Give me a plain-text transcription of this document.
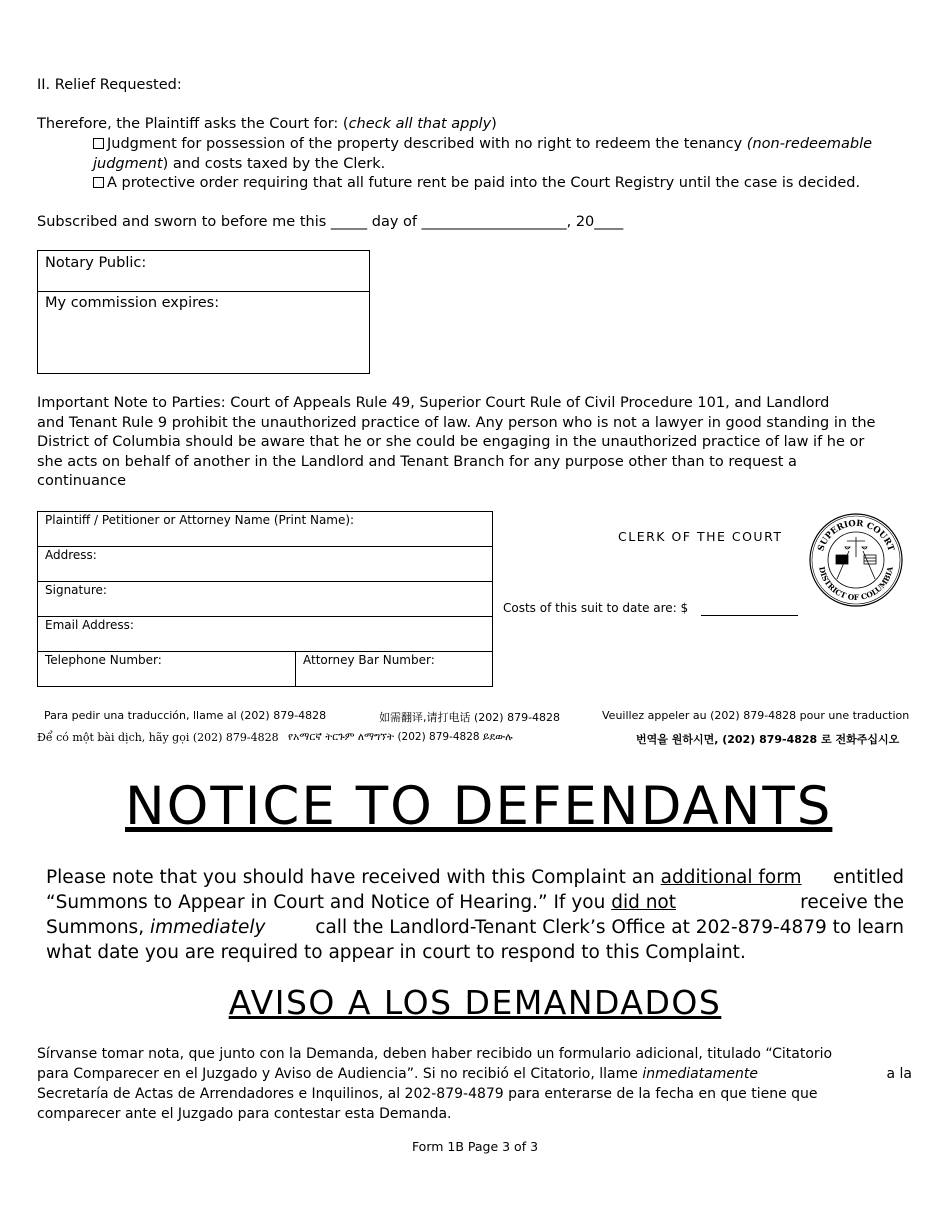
II. Relief Requested:
Therefore, the Plaintiff asks the Court for: (check all that apply)
Judgment for possession of the property described with no right to redeem the tenancy (non-redeemable
judgment) and costs taxed by the Clerk.
A protective order requiring that all future rent be paid into the Court Registry until the case is decided.
Subscribed and sworn to before me this _____ day of ____________________, 20____
Notary Public:
My commission expires:
Important Note to Parties: Court of Appeals Rule 49, Superior Court Rule of Civil Procedure 101, and Landlord
and Tenant Rule 9 prohibit the unauthorized practice of law. Any person who is not a lawyer in good standing in the
District of Columbia should be aware that he or she could be engaging in the unauthorized practice of law if he or
she acts on behalf of another in the Landlord and Tenant Branch for any purpose other than to request a
continuance
Plaintiff / Petitioner or Attorney Name (Print Name):
Address:
Signature:
Email Address:
Telephone Number:	Attorney Bar Number:
CLERK OF THE COURT
Costs of this suit to date are: $
SUPERIOR COURT
DISTRICT OF COLUMBIA
Para pedir una traducción, llame al (202) 879-4828	如需翻译,请打电话 (202) 879-4828	Veuillez appeler au (202) 879-4828 pour une traduction
Để có một bài dịch, hãy gọi (202) 879-4828 የአማርኛ ትርጉም ለማግኘት (202) 879-4828 ይደውሉ	번역을 원하시면, (202) 879-4828 로 전화주십시오
NOTICE TO DEFENDANTS
Please note that you should have received with this Complaint an additional form entitled
“Summons to Appear in Court and Notice of Hearing.” If you did not	receive the
Summons, immediately	call the Landlord-Tenant Clerk’s Office at 202-879-4879 to learn
what date you are required to appear in court to respond to this Complaint.
AVISO A LOS DEMANDADOS
Sírvanse tomar nota, que junto con la Demanda, deben haber recibido un formulario adicional, titulado “Citatorio
para Comparecer en el Juzgado y Aviso de Audiencia”. Si no recibió el Citatorio, llame inmediatamente	a la
Secretaría de Actas de Arrendadores e Inquilinos, al 202-879-4879 para enterarse de la fecha en que tiene que
comparecer ante el Juzgado para contestar esta Demanda.
Form 1B Page 3 of 3
